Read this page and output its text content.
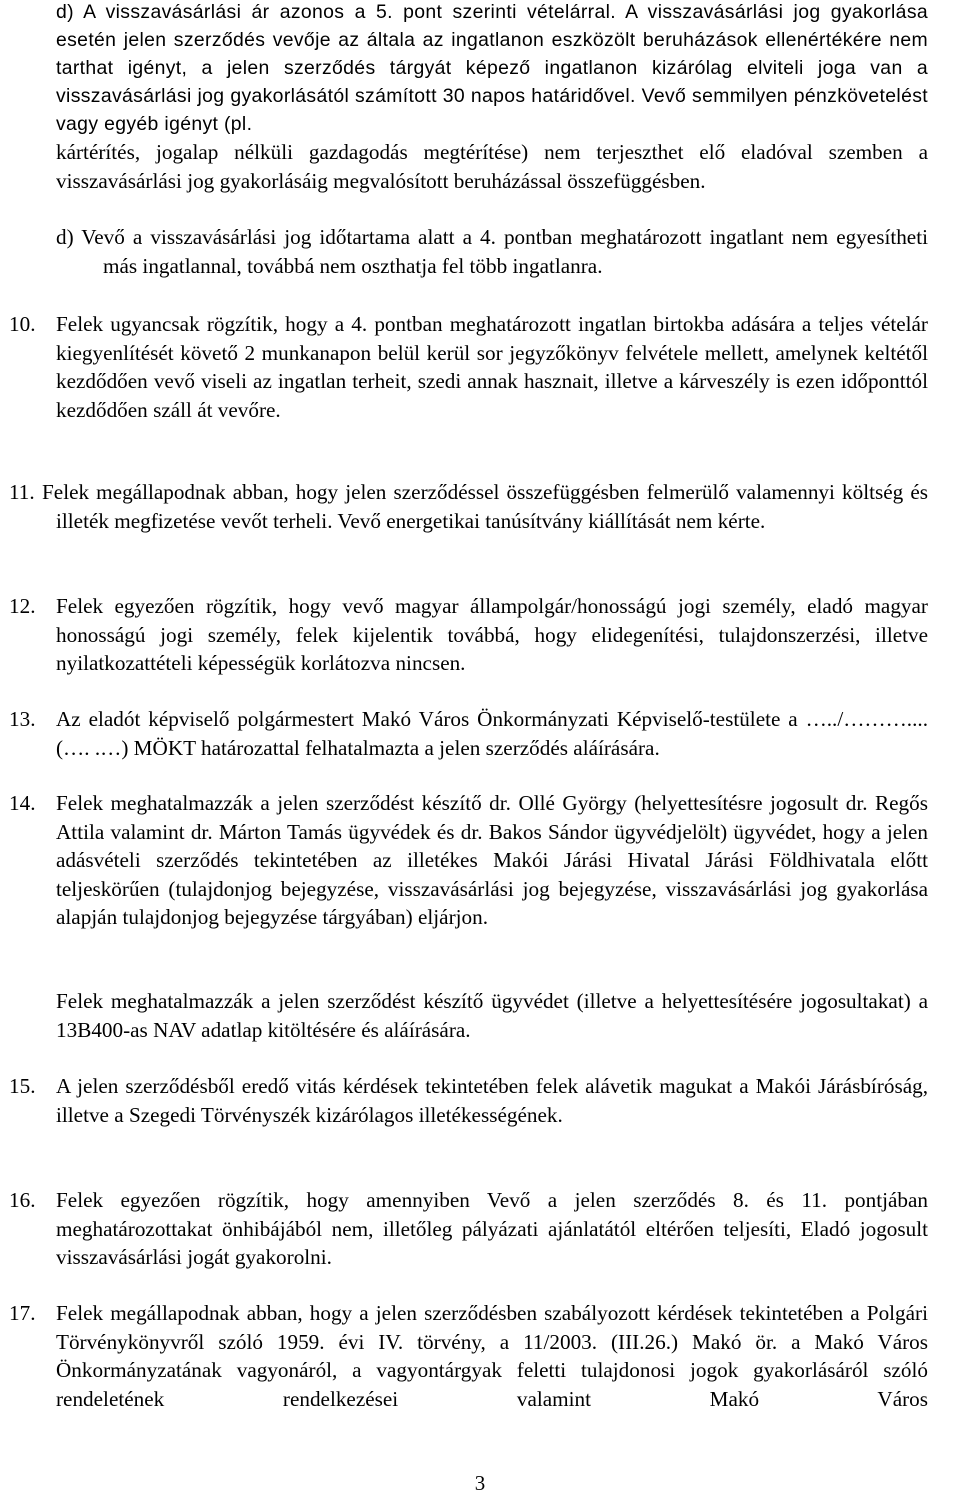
d) A visszavásárlási ár azonos a 5. pont szerinti vételárral. A visszavásárlási jog gyakorlása esetén jelen szerződés vevője az általa az ingatlanon eszközölt beruházások ellenértékére nem tarthat igényt, a jelen szerződés tárgyát képező ingatlanon kizárólag elviteli joga van a visszavásárlási jog gyakorlásától számított 30 napos határidővel. Vevő semmilyen pénzkövetelést vagy egyéb igényt (pl.

kártérítés, jogalap nélküli gazdagodás megtérítése) nem terjeszthet elő eladóval szemben a visszavásárlási jog gyakorlásáig megvalósított beruházással összefüggésben.

d) Vevő a visszavásárlási jog időtartama alatt a 4. pontban meghatározott ingatlant nem egyesítheti más ingatlannal, továbbá nem oszthatja fel több ingatlanra.

10. Felek ugyancsak rögzítik, hogy a 4. pontban meghatározott ingatlan birtokba adására a teljes vételár kiegyenlítését követő 2 munkanapon belül kerül sor jegyzőkönyv felvétele mellett, amelynek keltétől kezdődően vevő viseli az ingatlan terheit, szedi annak hasznait, illetve a kárveszély is ezen időponttól kezdődően száll át vevőre.

11. Felek megállapodnak abban, hogy jelen szerződéssel összefüggésben felmerülő valamennyi költség és illeték megfizetése vevőt terheli. Vevő energetikai tanúsítvány kiállítását nem kérte.

12. Felek egyezően rögzítik, hogy vevő magyar állampolgár/honosságú jogi személy, eladó magyar honosságú jogi személy, felek kijelentik továbbá, hogy elidegenítési, tulajdonszerzési, illetve nyilatkozattételi képességük korlátozva nincsen.

13. Az eladót képviselő polgármestert Makó Város Önkormányzati Képviselő-testülete a …../……….... (…. .…) MÖKT határozattal felhatalmazta a jelen szerződés aláírására.

14. Felek meghatalmazzák a jelen szerződést készítő dr. Ollé György (helyettesítésre jogosult dr. Regős Attila valamint dr. Márton Tamás ügyvédek és dr. Bakos Sándor ügyvédjelölt) ügyvédet, hogy a jelen adásvételi szerződés tekintetében az illetékes Makói Járási Hivatal Járási Földhivatala előtt teljeskörűen (tulajdonjog bejegyzése, visszavásárlási jog bejegyzése, visszavásárlási jog gyakorlása alapján tulajdonjog bejegyzése tárgyában) eljárjon.

Felek meghatalmazzák a jelen szerződést készítő ügyvédet (illetve a helyettesítésére jogosultakat) a 13B400-as NAV adatlap kitöltésére és aláírására.

15. A jelen szerződésből eredő vitás kérdések tekintetében felek alávetik magukat a Makói Járásbíróság, illetve a Szegedi Törvényszék kizárólagos illetékességének.

16. Felek egyezően rögzítik, hogy amennyiben Vevő a jelen szerződés 8. és 11. pontjában meghatározottakat önhibájából nem, illetőleg pályázati ajánlatától eltérően teljesíti, Eladó jogosult visszavásárlási jogát gyakorolni.

17. Felek megállapodnak abban, hogy a jelen szerződésben szabályozott kérdések tekintetében a Polgári Törvénykönyvről szóló 1959. évi IV. törvény, a 11/2003. (III.26.) Makó ör. a Makó Város Önkormányzatának vagyonáról, a vagyontárgyak feletti tulajdonosi jogok gyakorlásáról szóló rendeletének rendelkezései valamint Makó Város

3
